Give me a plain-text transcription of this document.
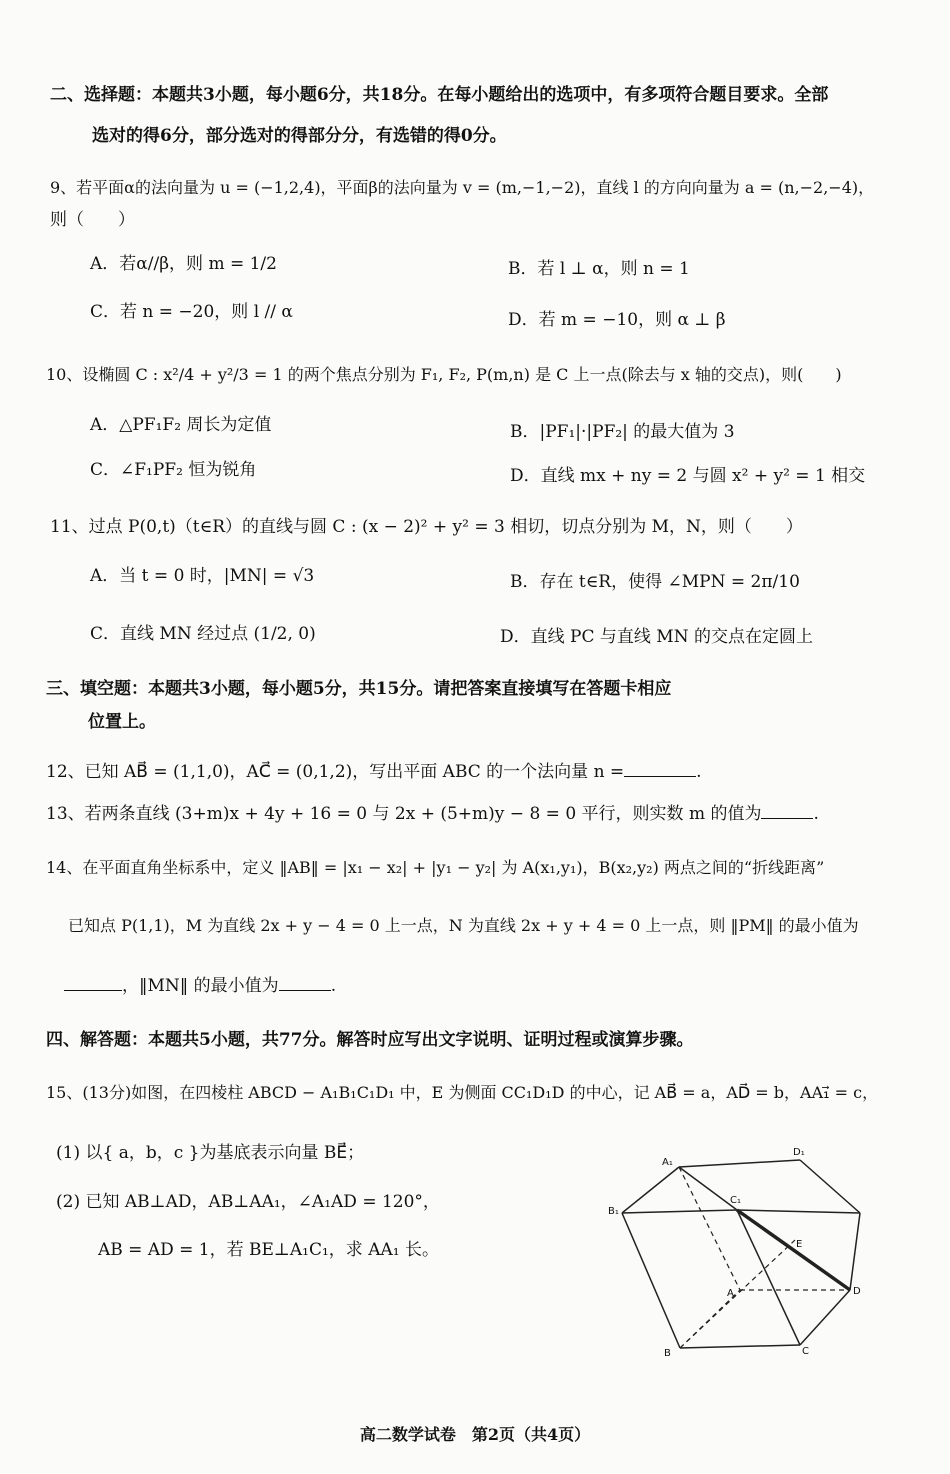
二、选择题：本题共3小题，每小题6分，共18分。在每小题给出的选项中，有多项符合题目要求。全部
选对的得6分，部分选对的得部分分，有选错的得0分。
9、若平面α的法向量为 u = (−1,2,4)，平面β的法向量为 v = (m,−1,−2)，直线 l 的方向向量为 a = (n,−2,−4)，
则（　　）
A．若α//β，则 m = 1/2	B．若 l ⊥ α，则 n = 1
C．若 n = −20，则 l // α	D．若 m = −10，则 α ⊥ β
10、设椭圆 C : x²/4 + y²/3 = 1 的两个焦点分别为 F₁, F₂, P(m,n) 是 C 上一点(除去与 x 轴的交点)，则(　　)
A．△PF₁F₂ 周长为定值	B．|PF₁|·|PF₂| 的最大值为 3
C．∠F₁PF₂ 恒为锐角	D．直线 mx + ny = 2 与圆 x² + y² = 1 相交
11、过点 P(0,t)（t∈R）的直线与圆 C : (x − 2)² + y² = 3 相切，切点分别为 M，N，则（　　）
A．当 t = 0 时，|MN| = √3	B．存在 t∈R，使得 ∠MPN = 2π/10
C．直线 MN 经过点 (1/2, 0)	D．直线 PC 与直线 MN 的交点在定圆上
三、填空题：本题共3小题，每小题5分，共15分。请把答案直接填写在答题卡相应
位置上。
12、已知 AB⃗ = (1,1,0)，AC⃗ = (0,1,2)，写出平面 ABC 的一个法向量 n =	.
13、若两条直线 (3+m)x + 4y + 16 = 0 与 2x + (5+m)y − 8 = 0 平行，则实数 m 的值为	.
14、在平面直角坐标系中，定义 ‖AB‖ = |x₁ − x₂| + |y₁ − y₂| 为 A(x₁,y₁)，B(x₂,y₂) 两点之间的“折线距离”
已知点 P(1,1)，M 为直线 2x + y − 4 = 0 上一点，N 为直线 2x + y + 4 = 0 上一点，则 ‖PM‖ 的最小值为
，‖MN‖ 的最小值为	.
四、解答题：本题共5小题，共77分。解答时应写出文字说明、证明过程或演算步骤。
15、(13分)如图，在四棱柱 ABCD − A₁B₁C₁D₁ 中，E 为侧面 CC₁D₁D 的中心，记 AB⃗ = a，AD⃗ = b，AA₁⃗ = c，
(1) 以{ a，b，c }为基底表示向量 BE⃗；
(2) 已知 AB⊥AD，AB⊥AA₁，∠A₁AD = 120°，
AB = AD = 1，若 BE⊥A₁C₁，求 AA₁ 长。
A₁
D₁
B₁
C₁
E
A	D
B	C
高二数学试卷　第2页（共4页）
